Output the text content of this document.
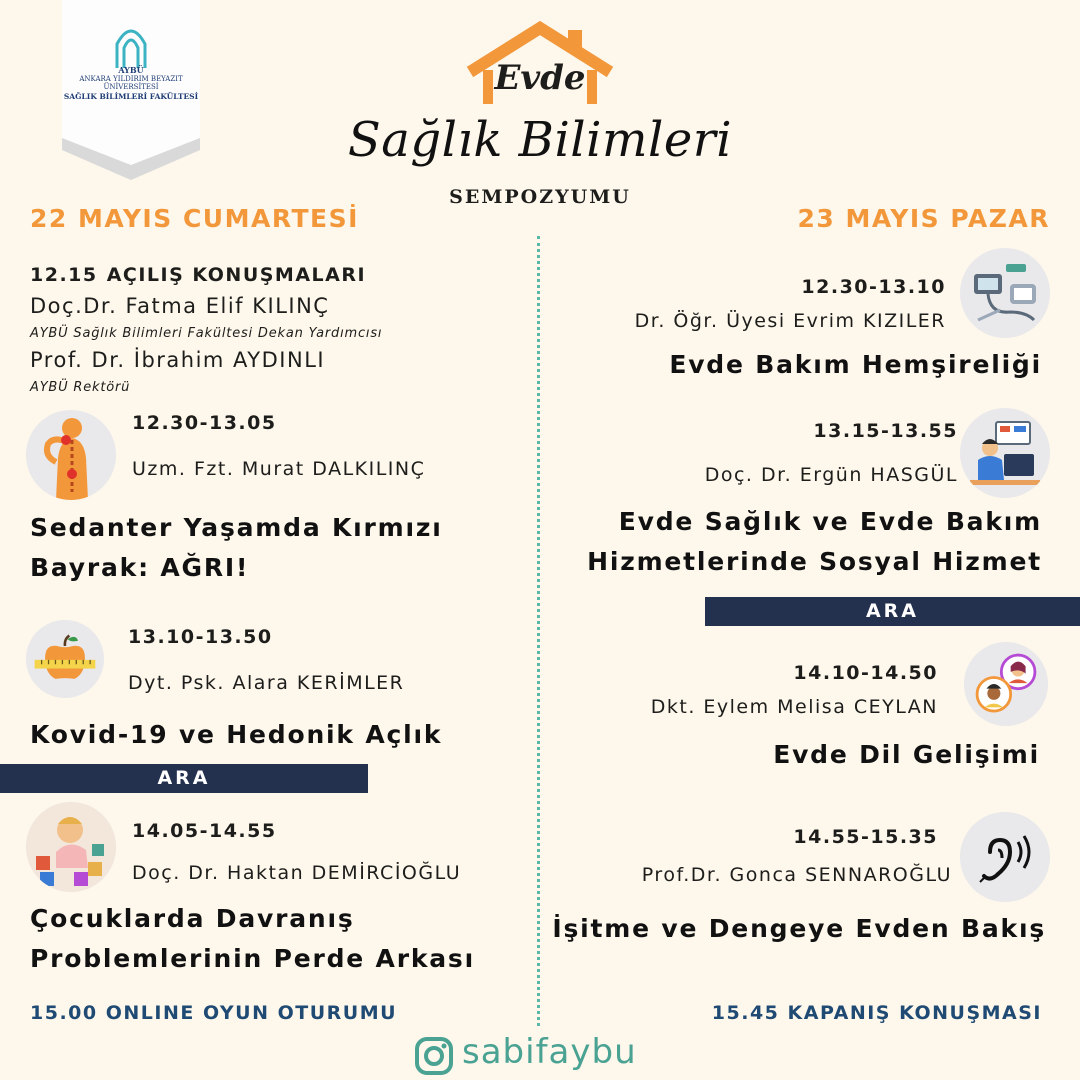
AYBÜ
ANKARA YILDIRIM BEYAZIT
ÜNİVERSİTESİ
SAĞLIK BİLİMLERİ FAKÜLTESİ	Evde
Sağlık Bilimleri
SEMPOZYUMU
22 MAYIS CUMARTESİ	23 MAYIS PAZAR
12.15 AÇILIŞ KONUŞMALARI
Doç.Dr. Fatma Elif KILINÇ
AYBÜ Sağlık Bilimleri Fakültesi Dekan Yardımcısı
Prof. Dr. İbrahim AYDINLI
AYBÜ Rektörü
12.30-13.05
Uzm. Fzt. Murat DALKILINÇ
Sedanter Yaşamda Kırmızı
Bayrak: AĞRI!
13.10-13.50
Dyt. Psk. Alara KERİMLER
Kovid-19 ve Hedonik Açlık
ARA
14.05-14.55
Doç. Dr. Haktan DEMİRCİOĞLU
Çocuklarda Davranış
Problemlerinin Perde Arkası
15.00 ONLINE OYUN OTURUMU
12.30-13.10
Dr. Öğr. Üyesi Evrim KIZILER
Evde Bakım Hemşireliği
13.15-13.55
Doç. Dr. Ergün HASGÜL
Evde Sağlık ve Evde Bakım
Hizmetlerinde Sosyal Hizmet
ARA
14.10-14.50
Dkt. Eylem Melisa CEYLAN
Evde Dil Gelişimi
14.55-15.35
Prof.Dr. Gonca SENNAROĞLU
İşitme ve Dengeye Evden Bakış
15.45 KAPANIŞ KONUŞMASI
sabifaybu
